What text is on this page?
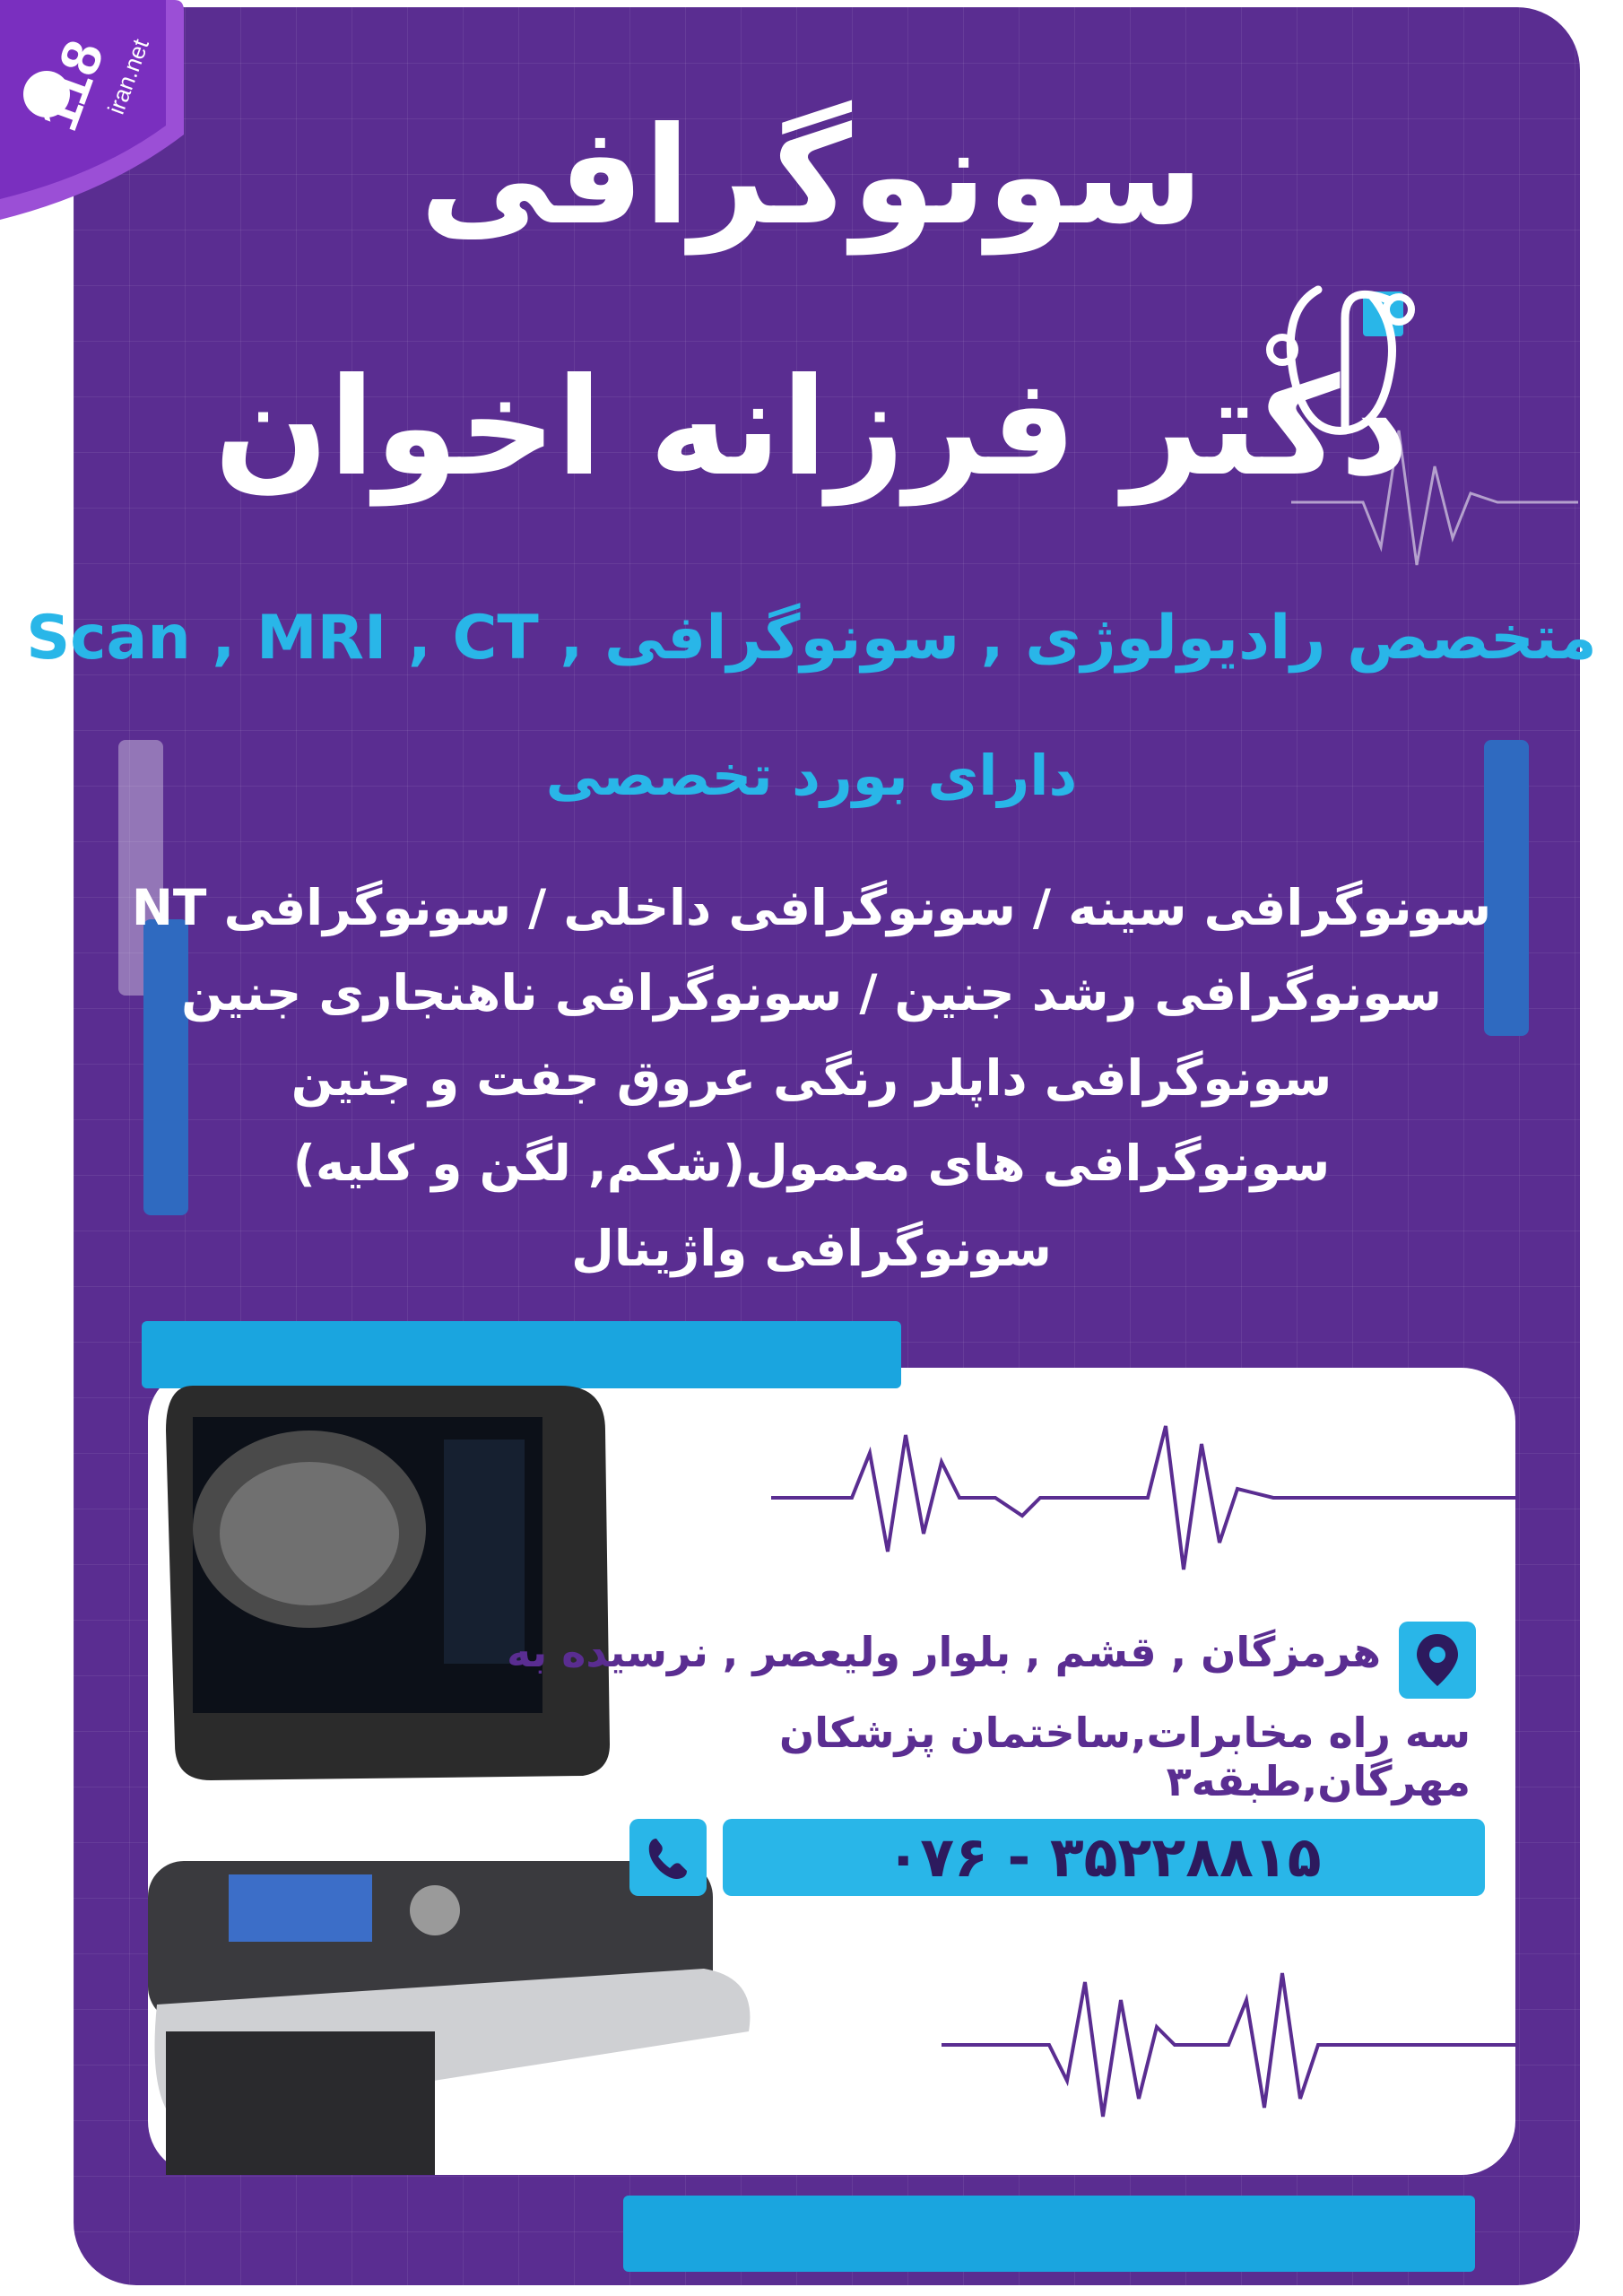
118
iran.net

سونوگرافی

دکتر فرزانه اخوان

متخصص رادیولوژی , سونوگرافی , Scan , MRI , CT

دارای بورد تخصصی

سونوگرافی سینه / سونوگرافی داخلی / سونوگرافی NT
سونوگرافی رشد جنین / سونوگرافی ناهنجاری جنین
سونوگرافی داپلر رنگی عروق جفت و جنین
سونوگرافی های معمول(شکم, لگن و کلیه)
سونوگرافی واژینال

هرمزگان , قشم , بلوار ولیعصر , نرسیده به

سه راه مخابرات,ساختمان پزشکان مهرگان,طبقه۳

۰۷۶ - ۳۵۲۲۸۸۱۵
